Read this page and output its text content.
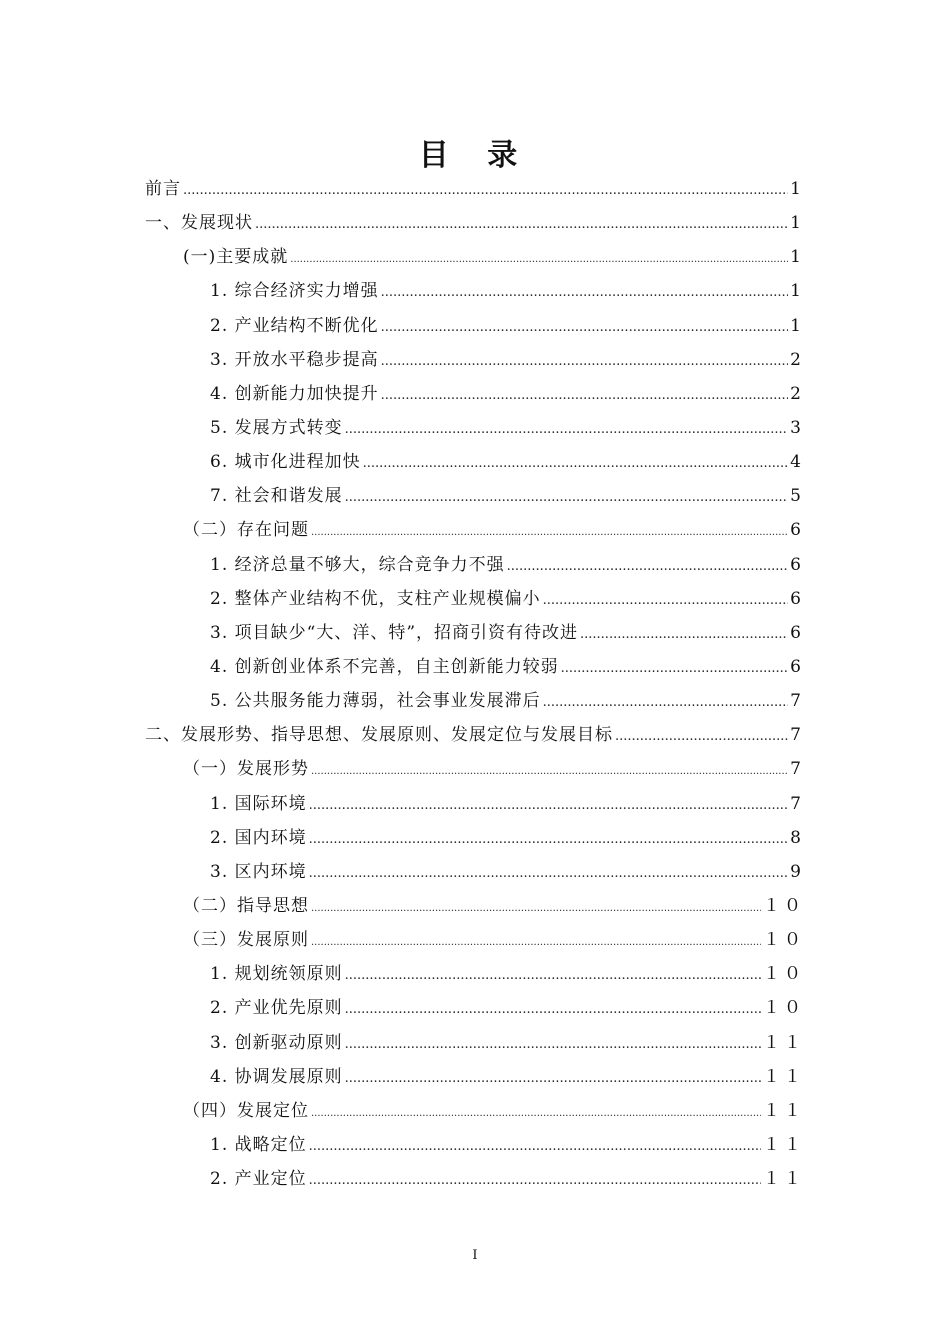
目 录
前言 .....	1
一、发展现状 .....	1
(一)主要成就 .....	1
1. 综合经济实力增强 .....	1
2. 产业结构不断优化 .....	1
3. 开放水平稳步提高 .....	2
4. 创新能力加快提升 .....	2
5. 发展方式转变 .....	3
6. 城市化进程加快 .....	4
7. 社会和谐发展 .....	5
（二）存在问题 .....	6
1. 经济总量不够大，综合竞争力不强 .....	6
2. 整体产业结构不优，支柱产业规模偏小 .....	6
3. 项目缺少“大、洋、特”，招商引资有待改进 .....	6
4. 创新创业体系不完善，自主创新能力较弱 .....	6
5. 公共服务能力薄弱，社会事业发展滞后 .....	7
二、发展形势、指导思想、发展原则、发展定位与发展目标 .....	7
（一）发展形势 .....	7
1. 国际环境 .....	7
2. 国内环境 .....	8
3. 区内环境 .....	9
（二）指导思想 .....	１０
（三）发展原则 .....	１０
1. 规划统领原则 .....	１０
2. 产业优先原则 .....	１０
3. 创新驱动原则 .....	１１
4. 协调发展原则 .....	１１
（四）发展定位 .....	１１
1. 战略定位 .....	１１
2. 产业定位 .....	１１
I
